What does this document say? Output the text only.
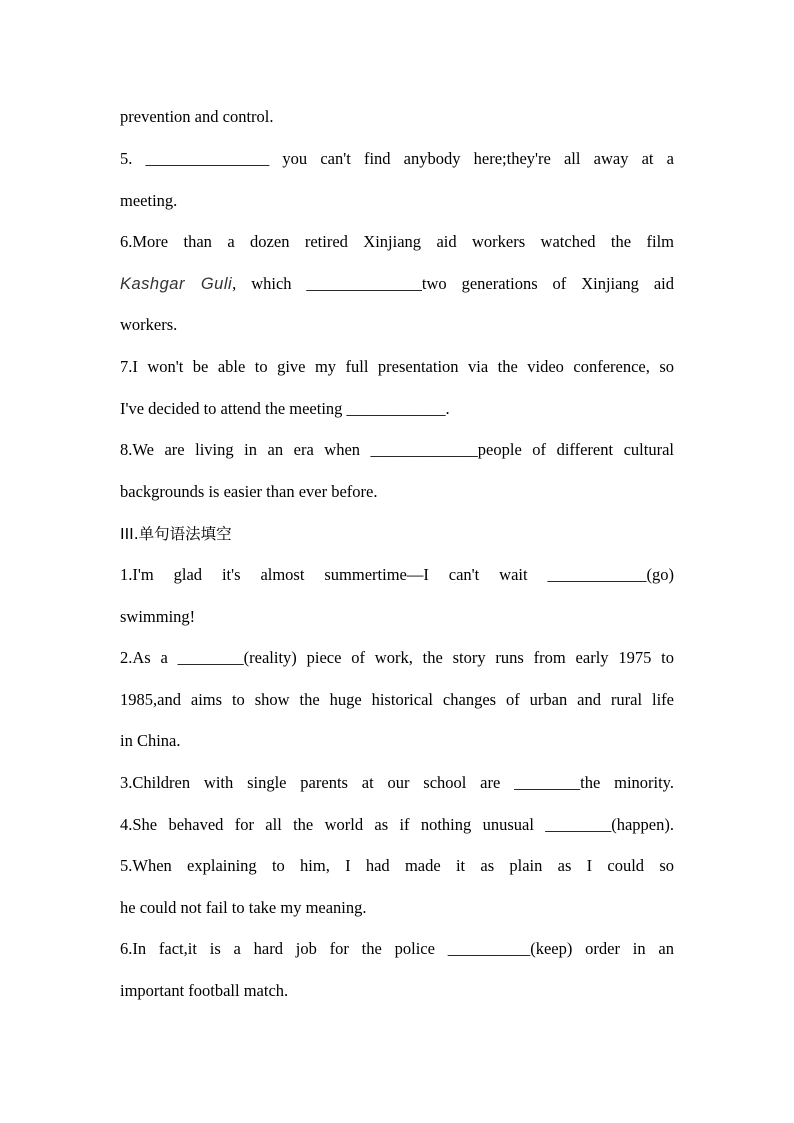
prevention and control.
5. _______________ you can't find anybody here;they're all away at a
meeting.
6.More than a dozen retired Xinjiang aid workers watched the film
Kashgar Guli, which ______________two generations of Xinjiang aid
workers.
7.I won't be able to give my full presentation via the video conference, so
I've decided to attend the meeting ____________.
8.We are living in an era when _____________people of different cultural
backgrounds is easier than ever before.
III.单句语法填空
1.I'm glad it's almost summertime—I can't wait ____________(go)
swimming!
2.As a ________(reality) piece of work, the story runs from early 1975 to
1985,and aims to show the huge historical changes of urban and rural life
in China.
3.Children with single parents at our school are ________the minority.
4.She behaved for all the world as if nothing unusual ________(happen).
5.When explaining to him, I had made it as plain as I could so
he could not fail to take my meaning.
6.In fact,it is a hard job for the police __________(keep) order in an
important football match.
